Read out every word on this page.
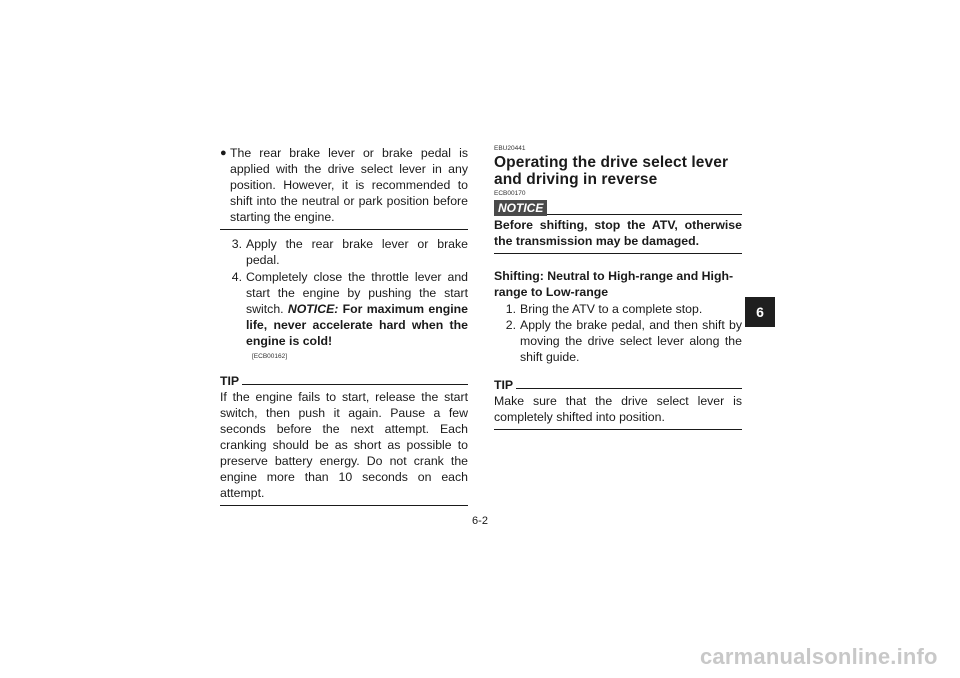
● The rear brake lever or brake pedal is applied with the drive select lever in any position. However, it is recommended to shift into the neutral or park position before starting the engine.
3. Apply the rear brake lever or brake pedal.
4. Completely close the throttle lever and start the engine by pushing the start switch. NOTICE: For maximum engine life, never accelerate hard when the engine is cold!
[ECB00162]
TIP
If the engine fails to start, release the start switch, then push it again. Pause a few seconds before the next attempt. Each cranking should be as short as possible to preserve battery energy. Do not crank the engine more than 10 seconds on each attempt.
EBU20441
Operating the drive select lever and driving in reverse
ECB00170
NOTICE
Before shifting, stop the ATV, otherwise the transmission may be damaged.
Shifting: Neutral to High-range and High-range to Low-range
1. Bring the ATV to a complete stop.
2. Apply the brake pedal, and then shift by moving the drive select lever along the shift guide.
TIP
Make sure that the drive select lever is completely shifted into position.
6-2
6
carmanualsonline.info
